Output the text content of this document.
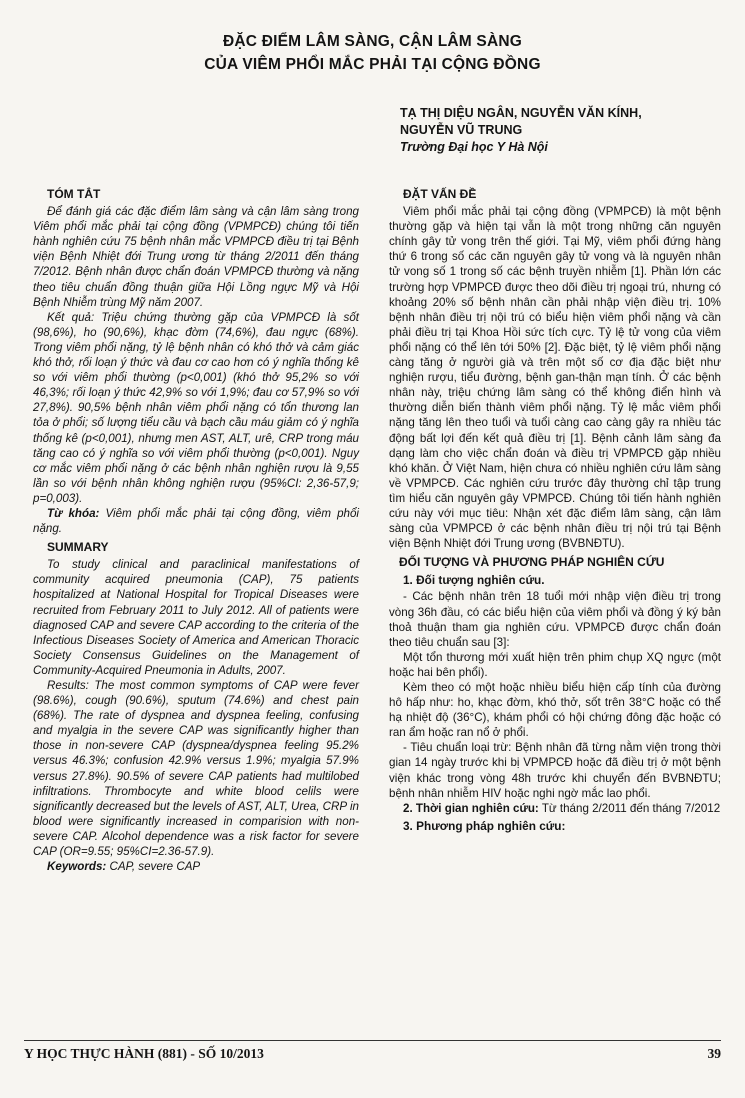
ĐẶC ĐIỂM LÂM SÀNG, CẬN LÂM SÀNG
CỦA VIÊM PHỔI MẮC PHẢI TẠI CỘNG ĐỒNG
TẠ THỊ DIỆU NGÂN, NGUYỄN VĂN KÍNH,
NGUYỄN VŨ TRUNG
Trường Đại học Y Hà Nội
TÓM TẮT

Để đánh giá các đặc điểm lâm sàng và cận lâm sàng trong Viêm phổi mắc phải tại cộng đồng (VPMPCĐ) chúng tôi tiến hành nghiên cứu 75 bệnh nhân mắc VPMPCĐ điều trị tại Bệnh viện Bệnh Nhiệt đới Trung ương từ tháng 2/2011 đến tháng 7/2012. Bệnh nhân được chẩn đoán VPMPCĐ thường và nặng theo tiêu chuẩn đồng thuận giữa Hội Lồng ngực Mỹ và Hội Bệnh Nhiễm trùng Mỹ năm 2007.

Kết quả: Triệu chứng thường gặp của VPMPCĐ là sốt (98,6%), ho (90,6%), khạc đờm (74,6%), đau ngực (68%). Trong viêm phổi nặng, tỷ lệ bệnh nhân có khó thở và cảm giác khó thở, rối loạn ý thức và đau cơ cao hơn có ý nghĩa thống kê so với viêm phổi thường (p<0,001) (khó thở 95,2% so với 46,3%; rối loạn ý thức 42,9% so với 1,9%; đau cơ 57,9% so với 27,8%). 90,5% bệnh nhân viêm phổi nặng có tổn thương lan tỏa ở phổi; số lượng tiểu cầu và bạch cầu máu giảm có ý nghĩa thống kê (p<0,001), nhưng men AST, ALT, urê, CRP trong máu tăng cao có ý nghĩa so với viêm phổi thường (p<0,001). Nguy cơ mắc viêm phổi nặng ở các bệnh nhân nghiện rượu là 9,55 lần so với bệnh nhân không nghiện rượu (95%CI: 2,36-57,9; p=0,003).

Từ khóa: Viêm phổi mắc phải tại cộng đồng, viêm phổi nặng.

SUMMARY

To study clinical and paraclinical manifestations of community acquired pneumonia (CAP), 75 patients hospitalized at National Hospital for Tropical Diseases were recruited from February 2011 to July 2012. All of patients were diagnosed CAP and severe CAP according to the criteria of the Infectious Diseases Society of America and American Thoracic Society Consensus Guidelines on the Management of Community-Acquired Pneumonia in Adults, 2007.

Results: The most common symptoms of CAP were fever (98.6%), cough (90.6%), sputum (74.6%) and chest pain (68%). The rate of dyspnea and dyspnea feeling, confusing and myalgia in the severe CAP was significantly higher than those in non-severe CAP (dyspnea/dyspnea feeling 95.2% versus 46.3%; confusion 42.9% versus 1.9%; myalgia 57.9% versus 27.8%). 90.5% of severe CAP patients had multilobed infiltrations. Thrombocyte and white blood celils were significantly decreased but the levels of AST, ALT, Urea, CRP in blood were significantly increased in comparision with non-severe CAP. Alcohol dependence was a risk factor for severe CAP (OR=9.55; 95%CI=2.36-57.9).

Keywords: CAP, severe CAP

ĐẶT VẤN ĐỀ

Viêm phổi mắc phải tại cộng đồng (VPMPCĐ) là một bệnh thường gặp và hiện tại vẫn là một trong những căn nguyên chính gây tử vong trên thế giới. Tại Mỹ, viêm phổi đứng hàng thứ 6 trong số các căn nguyên gây tử vong và là nguyên nhân tử vong số 1 trong số các bệnh truyền nhiễm [1]. Phần lớn các trường hợp VPMPCĐ được theo dõi điều trị ngoại trú, nhưng có khoảng 20% số bệnh nhân cần phải nhập viện điều trị. 10% bệnh nhân điều trị nội trú có biểu hiện viêm phổi nặng và cần phải điều trị tại Khoa Hồi sức tích cực. Tỷ lệ tử vong của viêm phổi nặng có thể lên tới 50% [2]. Đặc biệt, tỷ lệ viêm phổi nặng càng tăng ở người già và trên một số cơ địa đặc biệt như nghiện rượu, tiểu đường, bệnh gan-thận mạn tính. Ở các bệnh nhân này, triệu chứng lâm sàng có thể không điển hình và thường diễn biến thành viêm phổi nặng. Tỷ lệ mắc viêm phổi nặng tăng lên theo tuổi và tuổi càng cao càng gây ra nhiều tác động bất lợi đến kết quả điều trị [1]. Bệnh cảnh lâm sàng đa dạng làm cho việc chẩn đoán và điều trị VPMPCĐ gặp nhiều khó khăn. Ở Việt Nam, hiện chưa có nhiều nghiên cứu lâm sàng về VPMPCĐ. Các nghiên cứu trước đây thường chỉ tập trung tìm hiểu căn nguyên gây VPMPCĐ. Chúng tôi tiến hành nghiên cứu này với mục tiêu: Nhận xét đặc điểm lâm sàng, cận lâm sàng của VPMPCĐ ở các bệnh nhân điều trị nội trú tại Bệnh viện Bệnh Nhiệt đới Trung ương (BVBNĐTU).

ĐỐI TƯỢNG VÀ PHƯƠNG PHÁP NGHIÊN CỨU
1. Đối tượng nghiên cứu.

- Các bệnh nhân trên 18 tuổi mới nhập viện điều trị trong vòng 36h đầu, có các biểu hiện của viêm phổi và đồng ý ký bản thoả thuận tham gia nghiên cứu. VPMPCĐ được chẩn đoán theo tiêu chuẩn sau [3]:

Một tổn thương mới xuất hiện trên phim chụp XQ ngực (một hoặc hai bên phổi).

Kèm theo có một hoặc nhiều biểu hiện cấp tính của đường hô hấp như: ho, khạc đờm, khó thở, sốt trên 38°C hoặc có thể hạ nhiệt độ (36°C), khám phổi có hội chứng đông đặc hoặc có ran ẩm hoặc ran nổ ở phổi.

- Tiêu chuẩn loại trừ: Bệnh nhân đã từng nằm viện trong thời gian 14 ngày trước khi bị VPMPCĐ hoặc đã điều trị ở một bệnh viện khác trong vòng 48h trước khi chuyển đến BVBNĐTU; bệnh nhân nhiễm HIV hoặc nghi ngờ mắc lao phổi.

2. Thời gian nghiên cứu: Từ tháng 2/2011 đến tháng 7/2012

3. Phương pháp nghiên cứu:
Y HỌC THỰC HÀNH (881) - SỐ 10/2013	39
